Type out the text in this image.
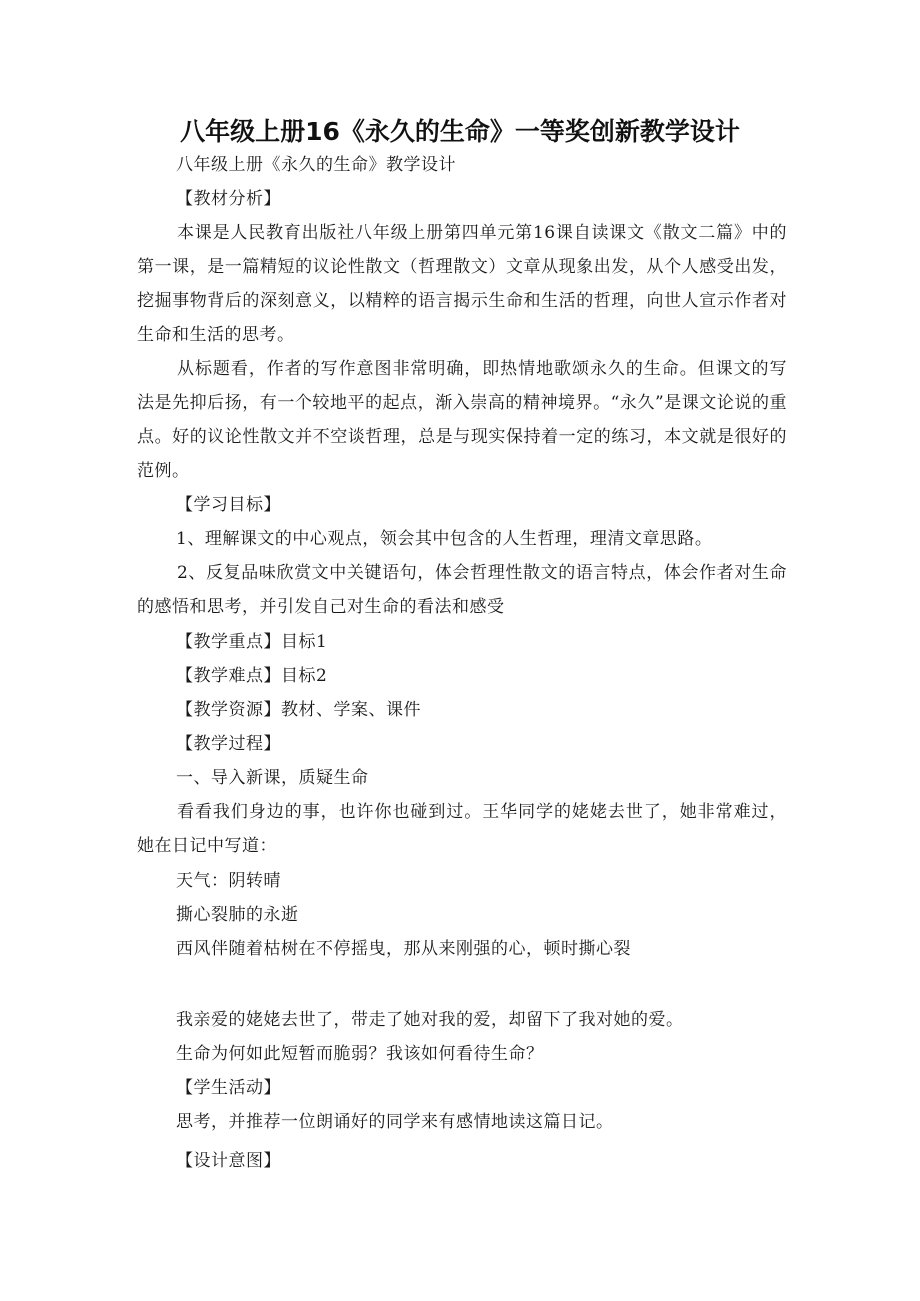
八年级上册16《永久的生命》一等奖创新教学设计
八年级上册《永久的生命》教学设计
【教材分析】

本课是人民教育出版社八年级上册第四单元第16课自读课文《散文二篇》中的第一课，是一篇精短的议论性散文（哲理散文）文章从现象出发，从个人感受出发，挖掘事物背后的深刻意义，以精粹的语言揭示生命和生活的哲理，向世人宣示作者对生命和生活的思考。

从标题看，作者的写作意图非常明确，即热情地歌颂永久的生命。但课文的写法是先抑后扬，有一个较地平的起点，渐入崇高的精神境界。“永久”是课文论说的重点。好的议论性散文并不空谈哲理，总是与现实保持着一定的练习，本文就是很好的范例。

【学习目标】
1、理解课文的中心观点，领会其中包含的人生哲理，理清文章思路。

2、反复品味欣赏文中关键语句，体会哲理性散文的语言特点，体会作者对生命的感悟和思考，并引发自己对生命的看法和感受

【教学重点】目标1
【教学难点】目标2
【教学资源】教材、学案、课件
【教学过程】
一、导入新课，质疑生命

看看我们身边的事，也许你也碰到过。王华同学的姥姥去世了，她非常难过，她在日记中写道：

天气：阴转晴
撕心裂肺的永逝
西风伴随着枯树在不停摇曳，那从来刚强的心，顿时撕心裂
我亲爱的姥姥去世了，带走了她对我的爱，却留下了我对她的爱。
生命为何如此短暂而脆弱？我该如何看待生命？
【学生活动】
思考，并推荐一位朗诵好的同学来有感情地读这篇日记。
【设计意图】
